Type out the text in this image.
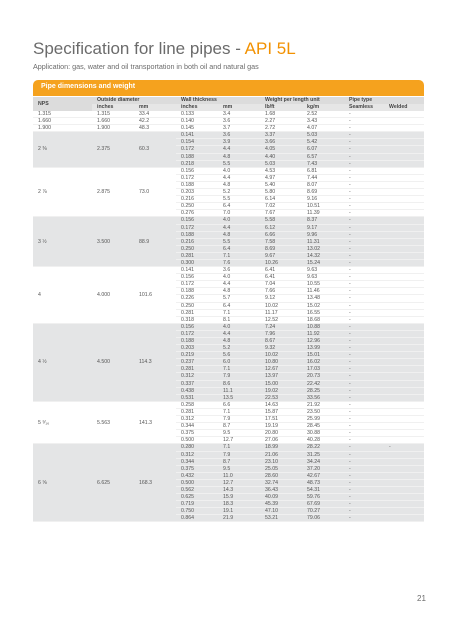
Specification for line pipes - API 5L
Application: gas, water and oil transportation in both oil and natural gas
Pipe dimensions and weight
NPS	Outside diameter		Wall thickness		Weight per length unit		Pipe type	
	inches	mm	inches	mm	lb/ft	kg/m	Seamless	Welded
1.315	1.315	33.4	0.133	3.4	1.68	2.52	-	
1.660	1.660	42.2	0.140	3.6	2.27	3.43	-	
1.900	1.900	48.3	0.145	3.7	2.72	4.07	-	
2 ⅜	2.375	60.3	0.141	3.6	3.37	5.03	-	
			0.154	3.9	3.66	5.42	-	
			0.172	4.4	4.05	6.07	-	
			0.188	4.8	4.40	6.57	-	
			0.218	5.5	5.03	7.43	-	
2 ⅞	2.875	73.0	0.156	4.0	4.53	6.81	-	
			0.172	4.4	4.97	7.44	-	
			0.188	4.8	5.40	8.07	-	
			0.203	5.2	5.80	8.69	-	
			0.216	5.5	6.14	9.16	-	
			0.250	6.4	7.02	10.51	-	
			0.276	7.0	7.67	11.39	-	
3 ½	3.500	88.9	0.156	4.0	5.58	8.37	-	
			0.172	4.4	6.12	9.17	-	
			0.188	4.8	6.66	9.96	-	
			0.216	5.5	7.58	11.31	-	
			0.250	6.4	8.69	13.02	-	
			0.281	7.1	9.67	14.32	-	
			0.300	7.6	10.26	15.24	-	
4	4.000	101.6	0.141	3.6	6.41	9.63	-	
			0.156	4.0	6.41	9.63	-	
			0.172	4.4	7.04	10.55	-	
			0.188	4.8	7.66	11.46	-	
			0.226	5.7	9.12	13.48	-	
			0.250	6.4	10.02	15.02	-	
			0.281	7.1	11.17	16.55	-	
			0.318	8.1	12.52	18.68	-	
4 ½	4.500	114.3	0.156	4.0	7.24	10.88	-	
			0.172	4.4	7.96	11.92	-	
			0.188	4.8	8.67	12.96	-	
			0.203	5.2	9.32	13.99	-	
			0.219	5.6	10.02	15.01	-	
			0.237	6.0	10.80	16.02	-	
			0.281	7.1	12.67	17.03	-	
			0.312	7.9	13.97	20.73	-	
			0.337	8.6	15.00	22.42	-	
			0.438	11.1	19.02	28.25	-	
			0.531	13.5	22.53	33.56	-	
5 ⁹⁄₁₆	5.563	141.3	0.258	6.6	14.63	21.92	-	
			0.281	7.1	15.87	23.50	-	
			0.312	7.9	17.51	25.99	-	
			0.344	8.7	19.19	28.45	-	
			0.375	9.5	20.80	30.88	-	
			0.500	12.7	27.06	40.28	-	
6 ⅝	6.625	168.3	0.280	7.1	18.99	28.22	-	-
			0.312	7.9	21.06	31.25	-	
			0.344	8.7	23.10	34.24	-	
			0.375	9.5	25.05	37.20	-	
			0.432	11.0	28.60	42.67	-	
			0.500	12.7	32.74	48.73	-	
			0.562	14.3	36.43	54.31	-	
			0.625	15.9	40.09	59.76	-	
			0.719	18.3	45.39	67.69	-	
			0.750	19.1	47.10	70.27	-	
			0.864	21.9	53.21	79.06	-	
21
